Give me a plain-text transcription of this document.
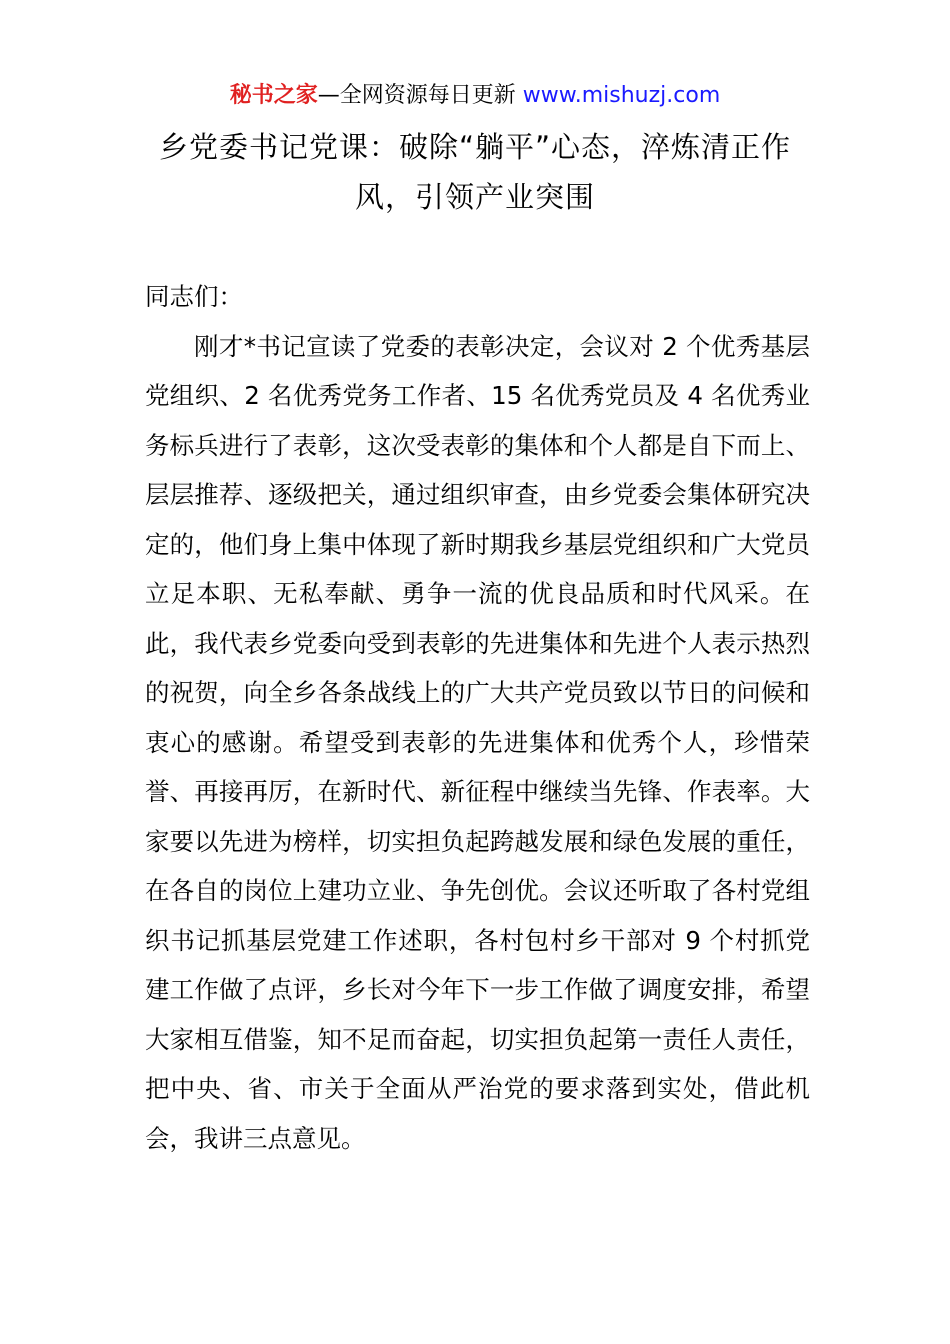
秘书之家—全网资源每日更新 www.mishuzj.com
乡党委书记党课：破除“躺平”心态，淬炼清正作风，引领产业突围

同志们：

刚才*书记宣读了党委的表彰决定，会议对 2 个优秀基层党组织、2 名优秀党务工作者、15 名优秀党员及 4 名优秀业务标兵进行了表彰，这次受表彰的集体和个人都是自下而上、层层推荐、逐级把关，通过组织审查，由乡党委会集体研究决定的，他们身上集中体现了新时期我乡基层党组织和广大党员立足本职、无私奉献、勇争一流的优良品质和时代风采。在此，我代表乡党委向受到表彰的先进集体和先进个人表示热烈的祝贺，向全乡各条战线上的广大共产党员致以节日的问候和衷心的感谢。希望受到表彰的先进集体和优秀个人，珍惜荣誉、再接再厉，在新时代、新征程中继续当先锋、作表率。大家要以先进为榜样，切实担负起跨越发展和绿色发展的重任，在各自的岗位上建功立业、争先创优。会议还听取了各村党组织书记抓基层党建工作述职，各村包村乡干部对 9 个村抓党建工作做了点评，乡长对今年下一步工作做了调度安排，希望大家相互借鉴，知不足而奋起，切实担负起第一责任人责任，把中央、省、市关于全面从严治党的要求落到实处，借此机会，我讲三点意见。
